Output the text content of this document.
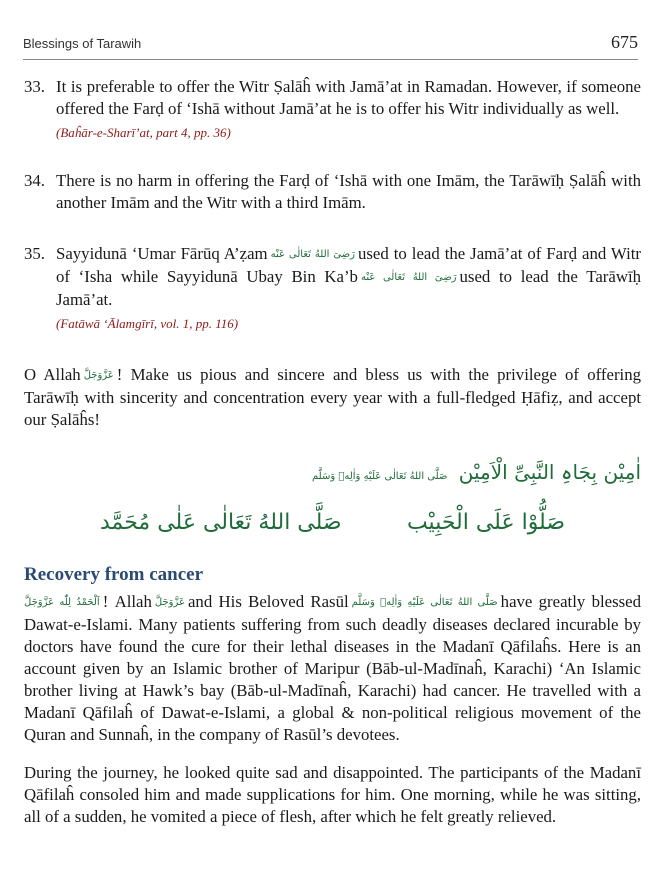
Blessings of Tarawih	675
33. It is preferable to offer the Witr Ṣalāĥ with Jamā’at in Ramadan. However, if someone offered the Farḍ of ‘Ishā without Jamā’at he is to offer his Witr individually as well.
(Baĥār-e-Sharī’at, part 4, pp. 36)
34. There is no harm in offering the Farḍ of ‘Ishā with one Imām, the Tarāwīḥ Ṣalāĥ with another Imām and the Witr with a third Imām.
35. Sayyidunā ‘Umar Fārūq A’ẓam رَضِیَ اللهُ تَعَالٰی عَنْه used to lead the Jamā’at of Farḍ and Witr of ‘Isha while Sayyidunā Ubay Bin Ka’b رَضِیَ اللهُ تَعَالٰی عَنْه used to lead the Tarāwīḥ Jamā’at.
(Fatāwā ‘Ālamgīrī, vol. 1, pp. 116)
O Allah عَزَّوَجَلَّ ! Make us pious and sincere and bless us with the privilege of offering Tarāwīḥ with sincerity and concentration every year with a full-fledged Ḥāfiẓ, and accept our Ṣalāĥs!
اٰمِیْن بِجَاہِ النَّبِیِّ الْاَمِیْن صَلَّی اللهُ تَعَالٰی عَلَیْهِ وَاٰلِهٖ وَسَلَّم
صَلُّوْا عَلَی الْحَبِیْب صَلَّی اللهُ تَعَالٰی عَلٰی مُحَمَّد
Recovery from cancer
اَلْحَمْدُ لِلّٰه عَزَّوَجَلَّ ! Allah عَزَّوَجَلَّ and His Beloved Rasūl صَلَّی اللهُ تَعَالٰی عَلَیْهِ وَاٰلِهٖ وَسَلَّم have greatly blessed Dawat-e-Islami. Many patients suffering from such deadly diseases declared incurable by doctors have found the cure for their lethal diseases in the Madanī Qāfilaĥs. Here is an account given by an Islamic brother of Maripur (Bāb-ul-Madīnaĥ, Karachi) ‘An Islamic brother living at Hawk’s bay (Bāb-ul-Madīnaĥ, Karachi) had cancer. He travelled with a Madanī Qāfilaĥ of Dawat-e-Islami, a global & non-political religious movement of the Quran and Sunnaĥ, in the company of Rasūl’s devotees.
During the journey, he looked quite sad and disappointed. The participants of the Madanī Qāfilaĥ consoled him and made supplications for him. One morning, while he was sitting, all of a sudden, he vomited a piece of flesh, after which he felt greatly relieved.
